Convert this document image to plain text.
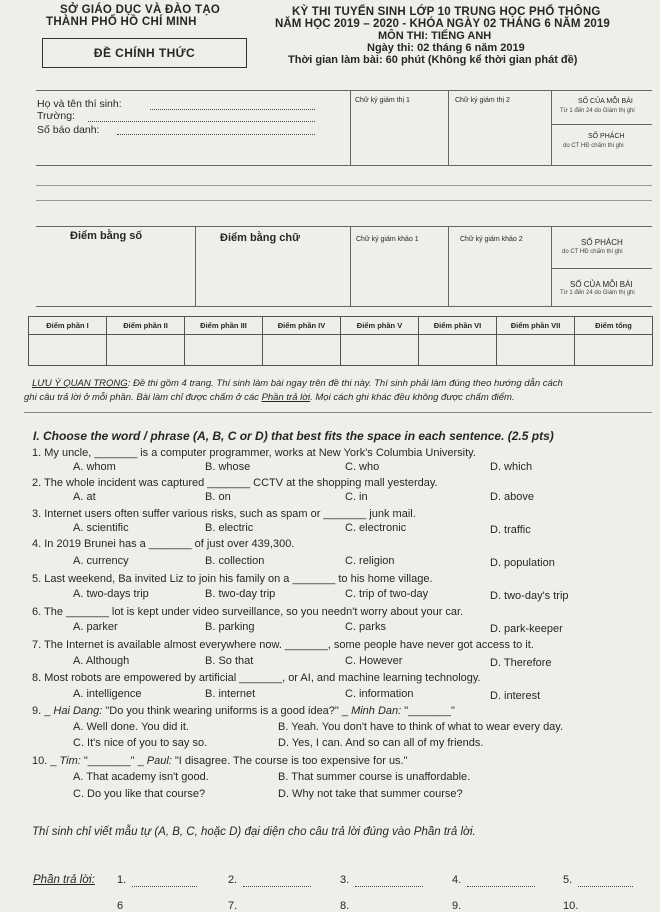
SỞ GIÁO DỤC VÀ ĐÀO TẠO
THÀNH PHỐ HỒ CHÍ MINH
ĐỀ CHÍNH THỨC
KỲ THI TUYỂN SINH LỚP 10 TRUNG HỌC PHỔ THÔNG
NĂM HỌC 2019 – 2020 - KHÓA NGÀY 02 THÁNG 6 NĂM 2019
MÔN THI: TIẾNG ANH
Ngày thi: 02 tháng 6 năm 2019
Thời gian làm bài: 60 phút (Không kể thời gian phát đề)
Họ và tên thí sinh:
Trường:
Số báo danh:
Chữ ký giám thị 1	Chữ ký giám thị 2	SỐ CỦA MỖI BÀI
Từ 1 đến 24 do Giám thị ghi
SỐ PHÁCH
do CT HĐ chấm thi ghi
Điểm bằng số	Điểm bằng chữ	Chữ ký giám khảo 1	Chữ ký giám khảo 2	SỐ PHÁCH
do CT HĐ chấm thi ghi
SỐ CỦA MỖI BÀI
Từ 1 đến 24 do Giám thị ghi
Điểm phần I	Điểm phần II	Điểm phần III	Điểm phần IV	Điểm phần V	Điểm phần VI	Điểm phần VII	Điểm tổng

LƯU Ý QUAN TRỌNG: Đề thi gồm 4 trang. Thí sinh làm bài ngay trên đề thi này. Thí sinh phải làm đúng theo hướng dẫn cách
ghi câu trả lời ở mỗi phần. Bài làm chỉ được chấm ở các Phần trả lời. Mọi cách ghi khác đều không được chấm điểm.
I. Choose the word / phrase (A, B, C or D) that best fits the space in each sentence. (2.5 pts)
1. My uncle, _______ is a computer programmer, works at New York's Columbia University.
A. whom	B. whose	C. who	D. which
2. The whole incident was captured _______ CCTV at the shopping mall yesterday.
A. at	B. on	C. in	D. above
3. Internet users often suffer various risks, such as spam or _______ junk mail.
A. scientific	B. electric	C. electronic	D. traffic
4. In 2019 Brunei has a _______ of just over 439,300.
A. currency	B. collection	C. religion	D. population
5. Last weekend, Ba invited Liz to join his family on a _______ to his home village.
A. two-days trip	B. two-day trip	C. trip of two-day	D. two-day's trip
6. The _______ lot is kept under video surveillance, so you needn't worry about your car.
A. parker	B. parking	C. parks	D. park-keeper
7. The Internet is available almost everywhere now. _______, some people have never got access to it.
A. Although	B. So that	C. However	D. Therefore
8. Most robots are empowered by artificial _______, or AI, and machine learning technology.
A. intelligence	B. internet	C. information	D. interest
9. _ Hai Dang: "Do you think wearing uniforms is a good idea?" _ Minh Dan: "_______"
A. Well done. You did it.	B. Yeah. You don't have to think of what to wear every day.
C. It's nice of you to say so.	D. Yes, I can. And so can all of my friends.
10. _ Tim: "_______" _ Paul: "I disagree. The course is too expensive for us."
A. That academy isn't good.	B. That summer course is unaffordable.
C. Do you like that course?	D. Why not take that summer course?
Thí sinh chỉ viết mẫu tự (A, B, C, hoặc D) đại diện cho câu trả lời đúng vào Phần trả lời.
Phần trả lời: 1.	2.	3.	4.	5.
6	7.	8.	9.	10.
